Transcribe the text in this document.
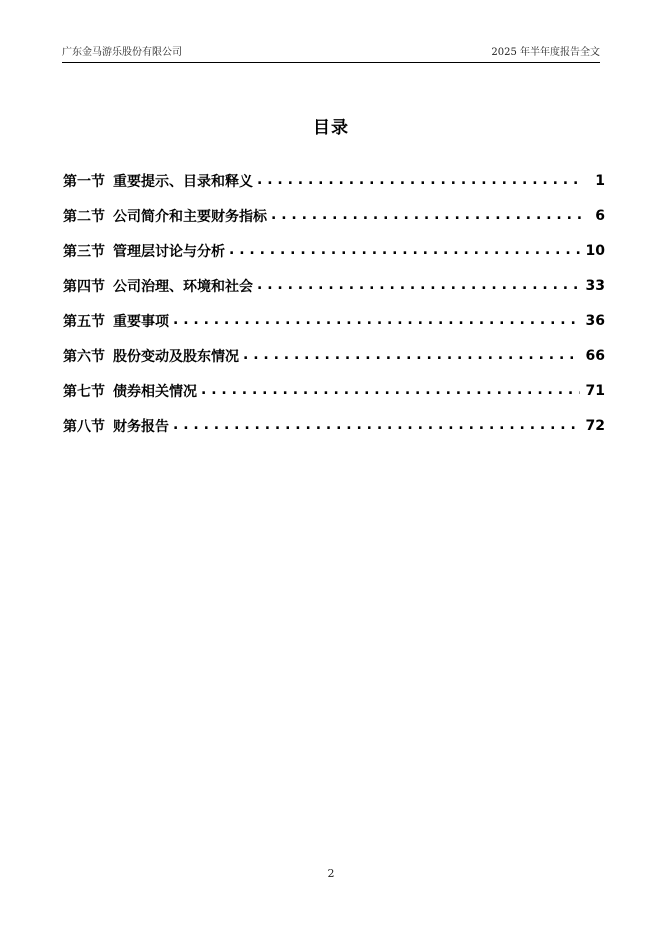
广东金马游乐股份有限公司	2025 年半年度报告全文
目录
第一节 重要提示、目录和释义 . . .	1
第二节 公司简介和主要财务指标 . . .	6
第三节 管理层讨论与分析 . . .	10
第四节 公司治理、环境和社会 . . .	33
第五节 重要事项 . . .	36
第六节 股份变动及股东情况 . . .	66
第七节 债券相关情况 . . .	71
第八节 财务报告 . . .	72
2
